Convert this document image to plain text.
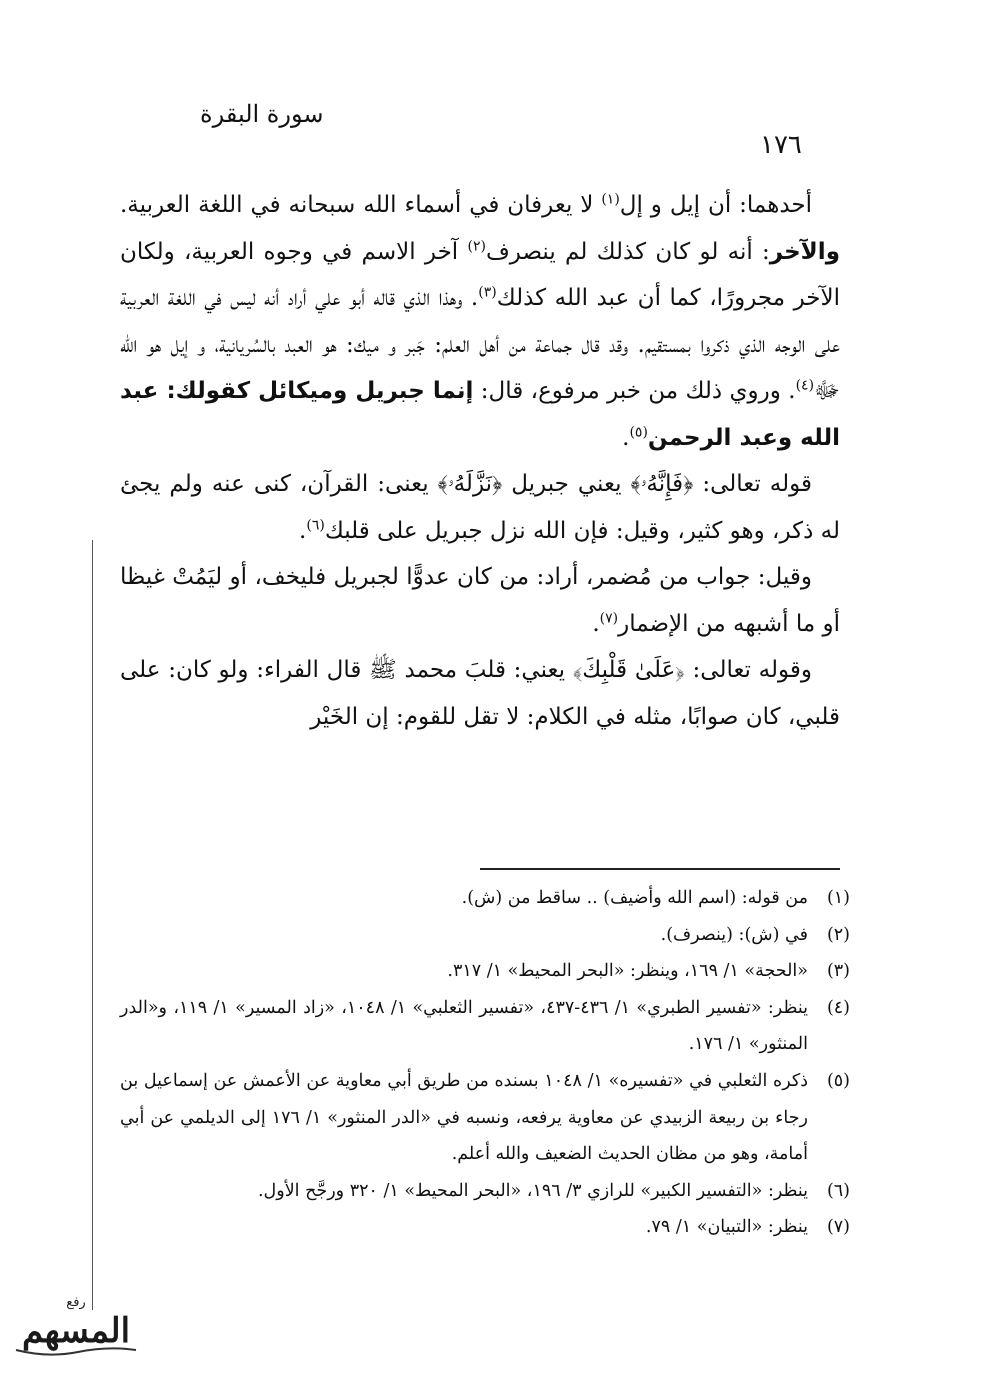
سورة البقرة
١٧٦

أحدهما: أن إيل و إل$^{(١)}$ لا يعرفان في أسماء الله سبحانه في اللغة العربية. والآخر: أنه لو كان كذلك لم ينصرف$^{(٢)}$ آخر الاسم في وجوه العربية، ولكان الآخر مجرورًا، كما أن عبد الله كذلك$^{(٣)}$. وهذا الذي قاله أبو علي أراد أنه ليس في اللغة العربية على الوجه الذي ذكروا بمستقيم. وقد قال جماعة من أهل العلم: جَبر و ميك: هو العبد بالسُريانية، و إيل هو الله ﷻ$^{(٤)}$. وروي ذلك من خبر مرفوع، قال: إنما جبريل وميكائل كقولك: عبد الله وعبد الرحمن$^{(٥)}$.

قوله تعالى: ﴿فَإِنَّهُۥ﴾ يعني جبريل ﴿نَزَّلَهُۥ﴾ يعنى: القرآن، كنى عنه ولم يجئ له ذكر، وهو كثير، وقيل: فإن الله نزل جبريل على قلبك$^{(٦)}$.

وقيل: جواب من مُضمر، أراد: من كان عدوًّا لجبريل فليخف، أو ليَمُتْ غيظا أو ما أشبهه من الإضمار$^{(٧)}$.

وقوله تعالى: ﴿عَلَىٰ قَلْبِكَ﴾ يعني: قلبَ محمد ﷺ قال الفراء: ولو كان: على قلبي، كان صوابًا، مثله في الكلام: لا تقل للقوم: إن الخَيْر

(١)
من قوله: (اسم الله وأضيف) .. ساقط من (ش).
(٢)
في (ش): (ينصرف).
(٣)
«الحجة» ١/ ١٦٩، وينظر: «البحر المحيط» ١/ ٣١٧.
(٤)
ينظر: «تفسير الطبري» ١/ ٤٣٦-٤٣٧، «تفسير الثعلبي» ١/ ١٠٤٨، «زاد المسير» ١/ ١١٩، و«الدر المنثور» ١/ ١٧٦.
(٥)
ذكره الثعلبي في «تفسيره» ١/ ١٠٤٨ بسنده من طريق أبي معاوية عن الأعمش عن إسماعيل بن رجاء بن ربيعة الزبيدي عن معاوية يرفعه، ونسبه في «الدر المنثور» ١/ ١٧٦ إلى الديلمي عن أبي أمامة، وهو من مظان الحديث الضعيف والله أعلم.
(٦)
ينظر: «التفسير الكبير» للرازي ٣/ ١٩٦، «البحر المحيط» ١/ ٣٢٠ ورجَّح الأول.
(٧)
ينظر: «التبيان» ١/ ٧٩.
رفع
المسهم
